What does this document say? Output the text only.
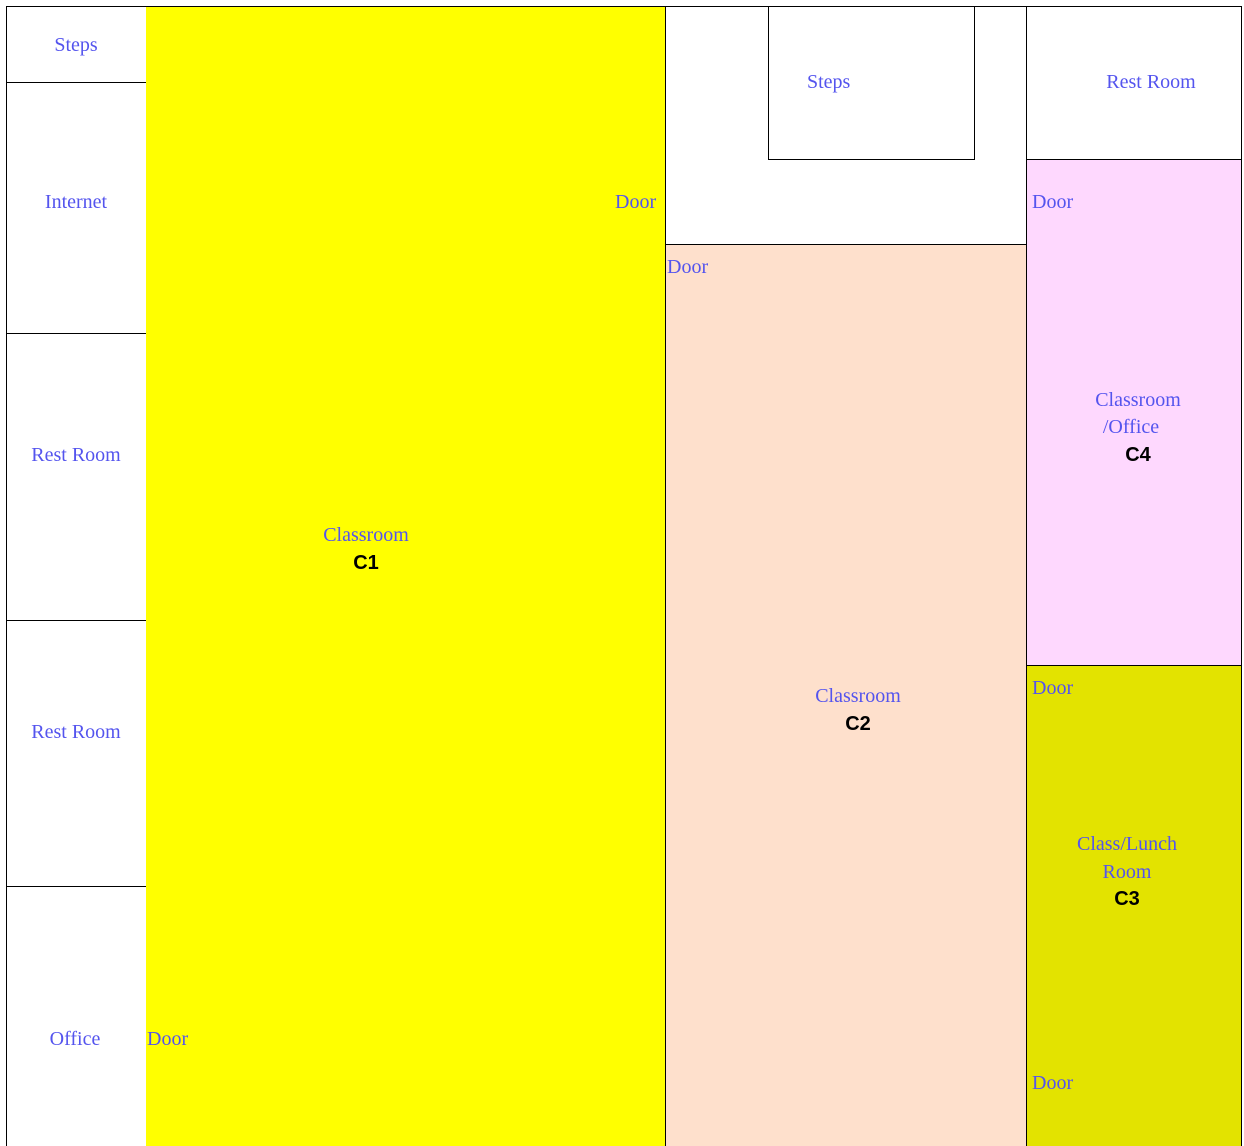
Steps
Internet
Rest Room
Rest Room
Office
Door
Classroom
C1
Door
Steps
Door
Classroom
C2
Rest Room
Door
Classroom
/Office
C4
Door
Class/Lunch
Room
C3
Door
